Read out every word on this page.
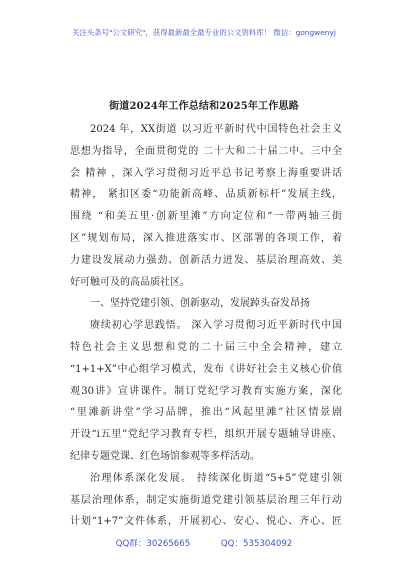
关注头条号"公文研究"，获得最新最全最专业的公文资料库！ 微信：gongwenyj
街道2024年工作总结和2025年工作思路
2024 年，XX街道 以习近平新时代中国特色社会主义
思想为指导，全面贯彻党的 二十大和二十届二中、三中全
会 精神 ，深入学习贯彻习近平总书记考察上海重要讲话
精神， 紧扣区委“功能新高峰、品质新标杆”发展主线，
围绕 “和美五里·创新里滩”方向定位和“一带两轴三街
区”规划布局，深入推进落实市、区部署的各项工作，着
力建设发展动力强劲、创新活力迸发、基层治理高效、美
好可触可及的高品质社区。
一、坚持党建引领、创新驱动，发展踔头奋发昂扬
赓续初心学思践悟。 深入学习贯彻习近平新时代中国
特色社会主义思想和党的二十届三中全会精神，建立
“1+1+X”中心组学习模式，发布《讲好社会主义核心价值
观30讲》宣讲课件。制订党纪学习教育实施方案，深化
“里滩新讲堂”学习品牌，推出“风起里滩”社区情景剧
开设“i五里”党纪学习教育专栏，组织开展专题辅导讲座、
纪律专题党课、红色场馆参观等多样活动。
治理体系深化发展。 持续深化街道“5+5”党建引领
基层治理体系，制定实施街道党建引领基层治理三年行动
计划“1+7”文件体系，开展初心、安心、悦心、齐心、匠
QQ群：30265665	QQ：535304092
